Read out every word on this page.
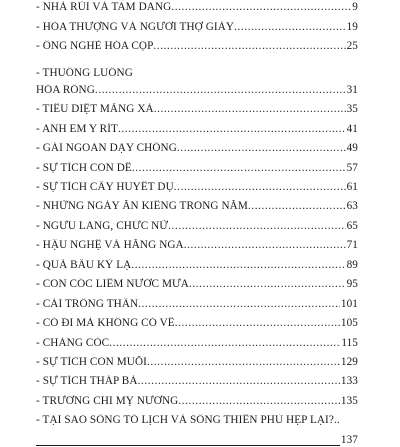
- NHÀ RỦI VÀ TAM DANG .....	9
- HÒA THƯỢNG VÀ NGƯỜI THỢ GIÀY .....	19
- ÔNG NGHÈ HÓA CỌP .....	25
- THUỐNG LUỒNG
HÓA RỒNG .....	31
- TIÊU DIỆT MÃNG XÀ .....	35
- ANH EM Y RÍT .....	41
- GÁI NGOAN DẠY CHỒNG .....	49
- SỰ TÍCH CON DẾ .....	57
- SỰ TÍCH CÂY HUYẾT DỤ .....	61
- NHỮNG NGÀY ĂN KIÊNG TRONG NĂM .....	63
- NGƯU LANG, CHỨC NỮ .....	65
- HẬU NGHỆ VÀ HẰNG NGA .....	71
- QUẢ BẦU KỲ LẠ .....	89
- CON CÓC LIẾM NƯỚC MƯA .....	95
- CÁI TRỐNG THẦN .....	101
- CÓ ĐI MÀ KHÔNG CÓ VỀ .....	105
- CHÀNG CÓC .....	115
- SỰ TÍCH CON MUỖI .....	129
- SỰ TÍCH THÁP BÀ .....	133
- TRƯƠNG CHI MỴ NƯƠNG .....	135
- TẠI SAO SÔNG TÔ LỊCH VÀ SÔNG THIÊN PHÙ HẸP LẠI?..
137
